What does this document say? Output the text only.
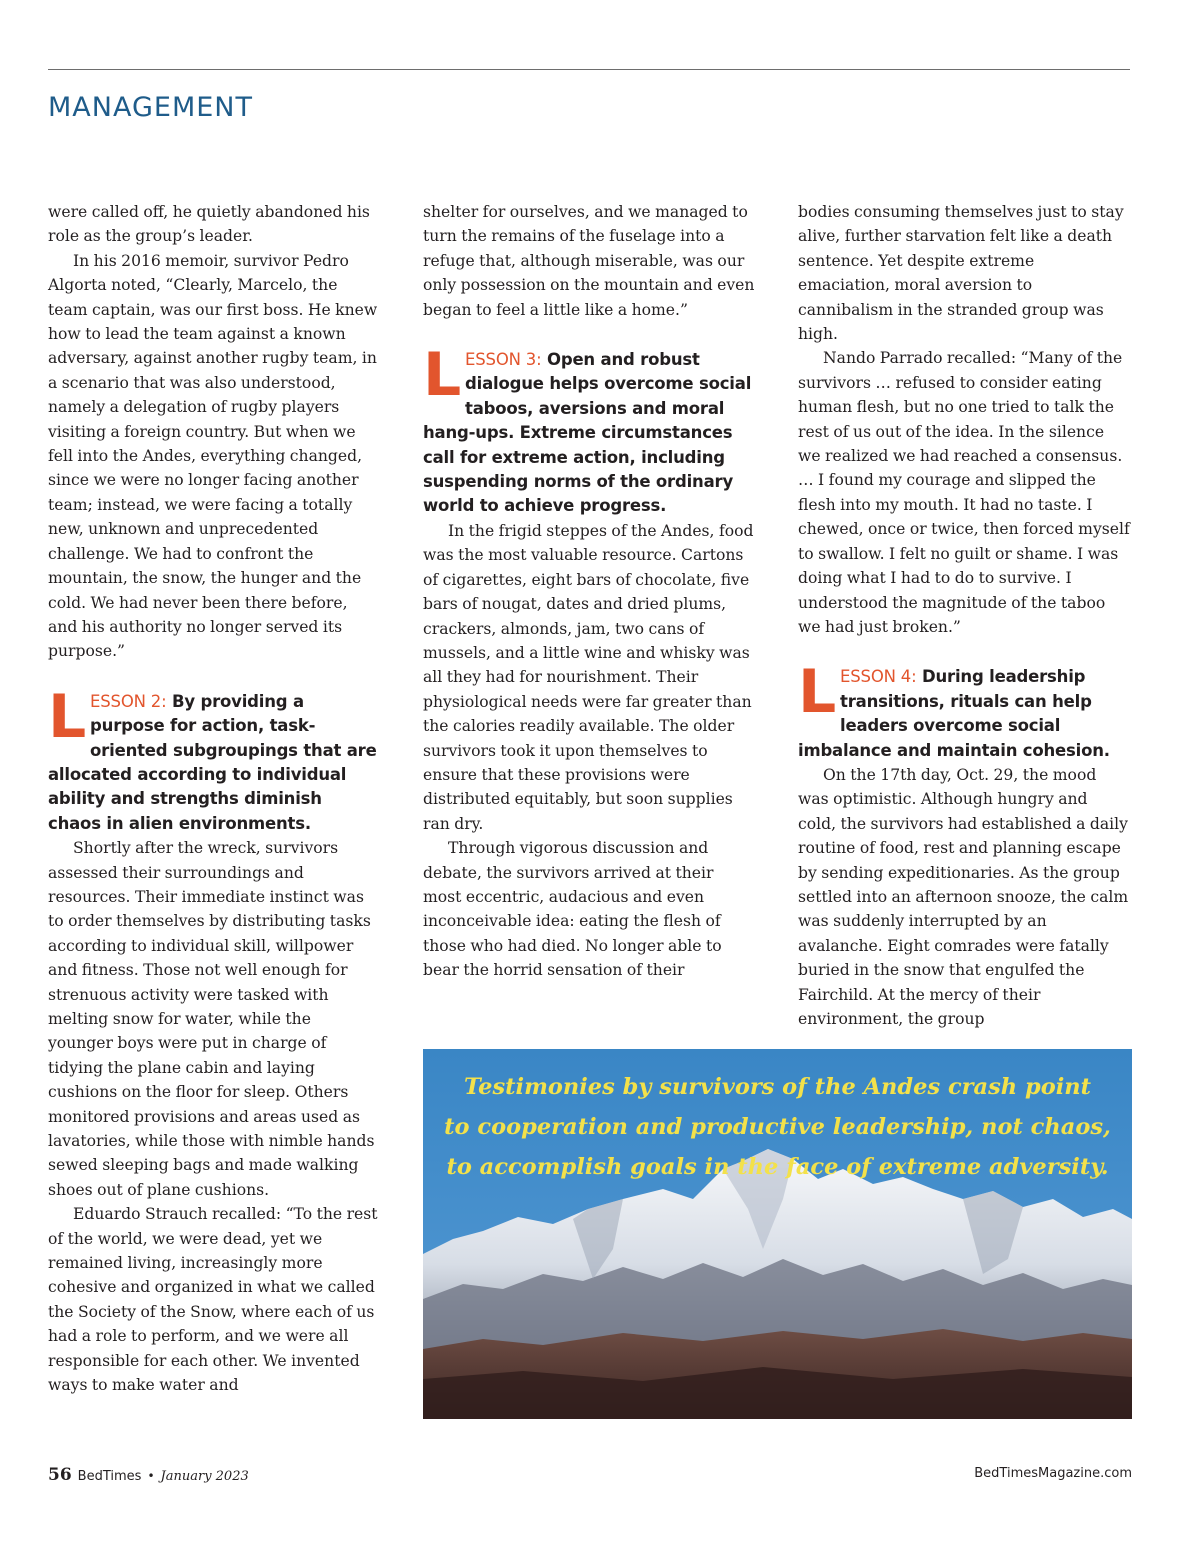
MANAGEMENT

were called off, he quietly abandoned his role as the group’s leader.

In his 2016 memoir, survivor Pedro Algorta noted, “Clearly, Marcelo, the team captain, was our first boss. He knew how to lead the team against a known adversary, against another rugby team, in a scenario that was also understood, namely a delegation of rugby players visiting a foreign country. But when we fell into the Andes, everything changed, since we were no longer facing another team; instead, we were facing a totally new, unknown and unprecedented challenge. We had to confront the mountain, the snow, the hunger and the cold. We had never been there before, and his authority no longer served its purpose.”

L ESSON 2: By providing a purpose for action, task-oriented subgroupings that are allocated according to individual ability and strengths diminish chaos in alien environments.

Shortly after the wreck, survivors assessed their surroundings and resources. Their immediate instinct was to order themselves by distributing tasks according to individual skill, willpower and fitness. Those not well enough for strenuous activity were tasked with melting snow for water, while the younger boys were put in charge of tidying the plane cabin and laying cushions on the floor for sleep. Others monitored provisions and areas used as lavatories, while those with nimble hands sewed sleeping bags and made walking shoes out of plane cushions.

Eduardo Strauch recalled: “To the rest of the world, we were dead, yet we remained living, increasingly more cohesive and organized in what we called the Society of the Snow, where each of us had a role to perform, and we were all responsible for each other. We invented ways to make water and

shelter for ourselves, and we managed to turn the remains of the fuselage into a refuge that, although miserable, was our only possession on the mountain and even began to feel a little like a home.”

L ESSON 3: Open and robust dialogue helps overcome social taboos, aversions and moral hang-ups. Extreme circumstances call for extreme action, including suspending norms of the ordinary world to achieve progress.

In the frigid steppes of the Andes, food was the most valuable resource. Cartons of cigarettes, eight bars of chocolate, five bars of nougat, dates and dried plums, crackers, almonds, jam, two cans of mussels, and a little wine and whisky was all they had for nourishment. Their physiological needs were far greater than the calories readily available. The older survivors took it upon themselves to ensure that these provisions were distributed equitably, but soon supplies ran dry.

Through vigorous discussion and debate, the survivors arrived at their most eccentric, audacious and even inconceivable idea: eating the flesh of those who had died. No longer able to bear the horrid sensation of their

bodies consuming themselves just to stay alive, further starvation felt like a death sentence. Yet despite extreme emaciation, moral aversion to cannibalism in the stranded group was high.

Nando Parrado recalled: “Many of the survivors … refused to consider eating human flesh, but no one tried to talk the rest of us out of the idea. In the silence we realized we had reached a consensus. … I found my courage and slipped the flesh into my mouth. It had no taste. I chewed, once or twice, then forced myself to swallow. I felt no guilt or shame. I was doing what I had to do to survive. I understood the magnitude of the taboo we had just broken.”

L ESSON 4: During leadership transitions, rituals can help leaders overcome social imbalance and maintain cohesion.

On the 17th day, Oct. 29, the mood was optimistic. Although hungry and cold, the survivors had established a daily routine of food, rest and planning escape by sending expeditionaries. As the group settled into an afternoon snooze, the calm was suddenly interrupted by an avalanche. Eight comrades were fatally buried in the snow that engulfed the Fairchild. At the mercy of their environment, the group

Testimonies by survivors of the Andes crash point
to cooperation and productive leadership, not chaos,
to accomplish goals in the face of extreme adversity.

56 BedTimes • January 2023	BedTimesMagazine.com
